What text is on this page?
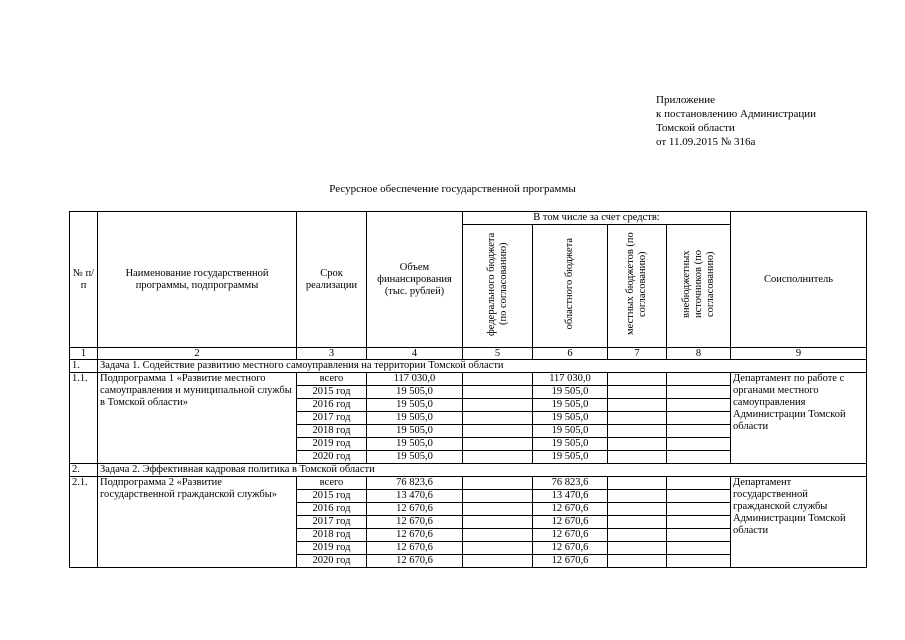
Приложение
к постановлению Администрации
Томской области
от 11.09.2015 № 316а
Ресурсное обеспечение государственной программы
№ п/п	Наименование государственной программы, подпрограммы	Срок реализации	Объем финансирования (тыс. рублей)	В том числе за счет средств:				Соисполнитель
				федерального бюджета (по согласованию)	областного бюджета	местных бюджетов (по согласованию)	внебюджетных источников (по согласованию)	
1	2	3	4	5	6	7	8	9
1.	Задача 1. Содействие развитию местного самоуправления на территории Томской области							
1.1.	Подпрограмма 1 «Развитие местного самоуправления и муниципальной службы в Томской области»	всего	117 030,0		117 030,0			Департамент по работе с органами местного самоуправления Администрации Томской области
		2015 год	19 505,0		19 505,0			
		2016 год	19 505,0		19 505,0			
		2017 год	19 505,0		19 505,0			
		2018 год	19 505,0		19 505,0			
		2019 год	19 505,0		19 505,0			
		2020 год	19 505,0		19 505,0			
2.	Задача 2. Эффективная кадровая политика в Томской области							
2.1.	Подпрограмма 2 «Развитие государственной гражданской службы»	всего	76 823,6		76 823,6			Департамент государственной гражданской службы Администрации Томской области
		2015 год	13 470,6		13 470,6			
		2016 год	12 670,6		12 670,6			
		2017 год	12 670,6		12 670,6			
		2018 год	12 670,6		12 670,6			
		2019 год	12 670,6		12 670,6			
		2020 год	12 670,6		12 670,6			
